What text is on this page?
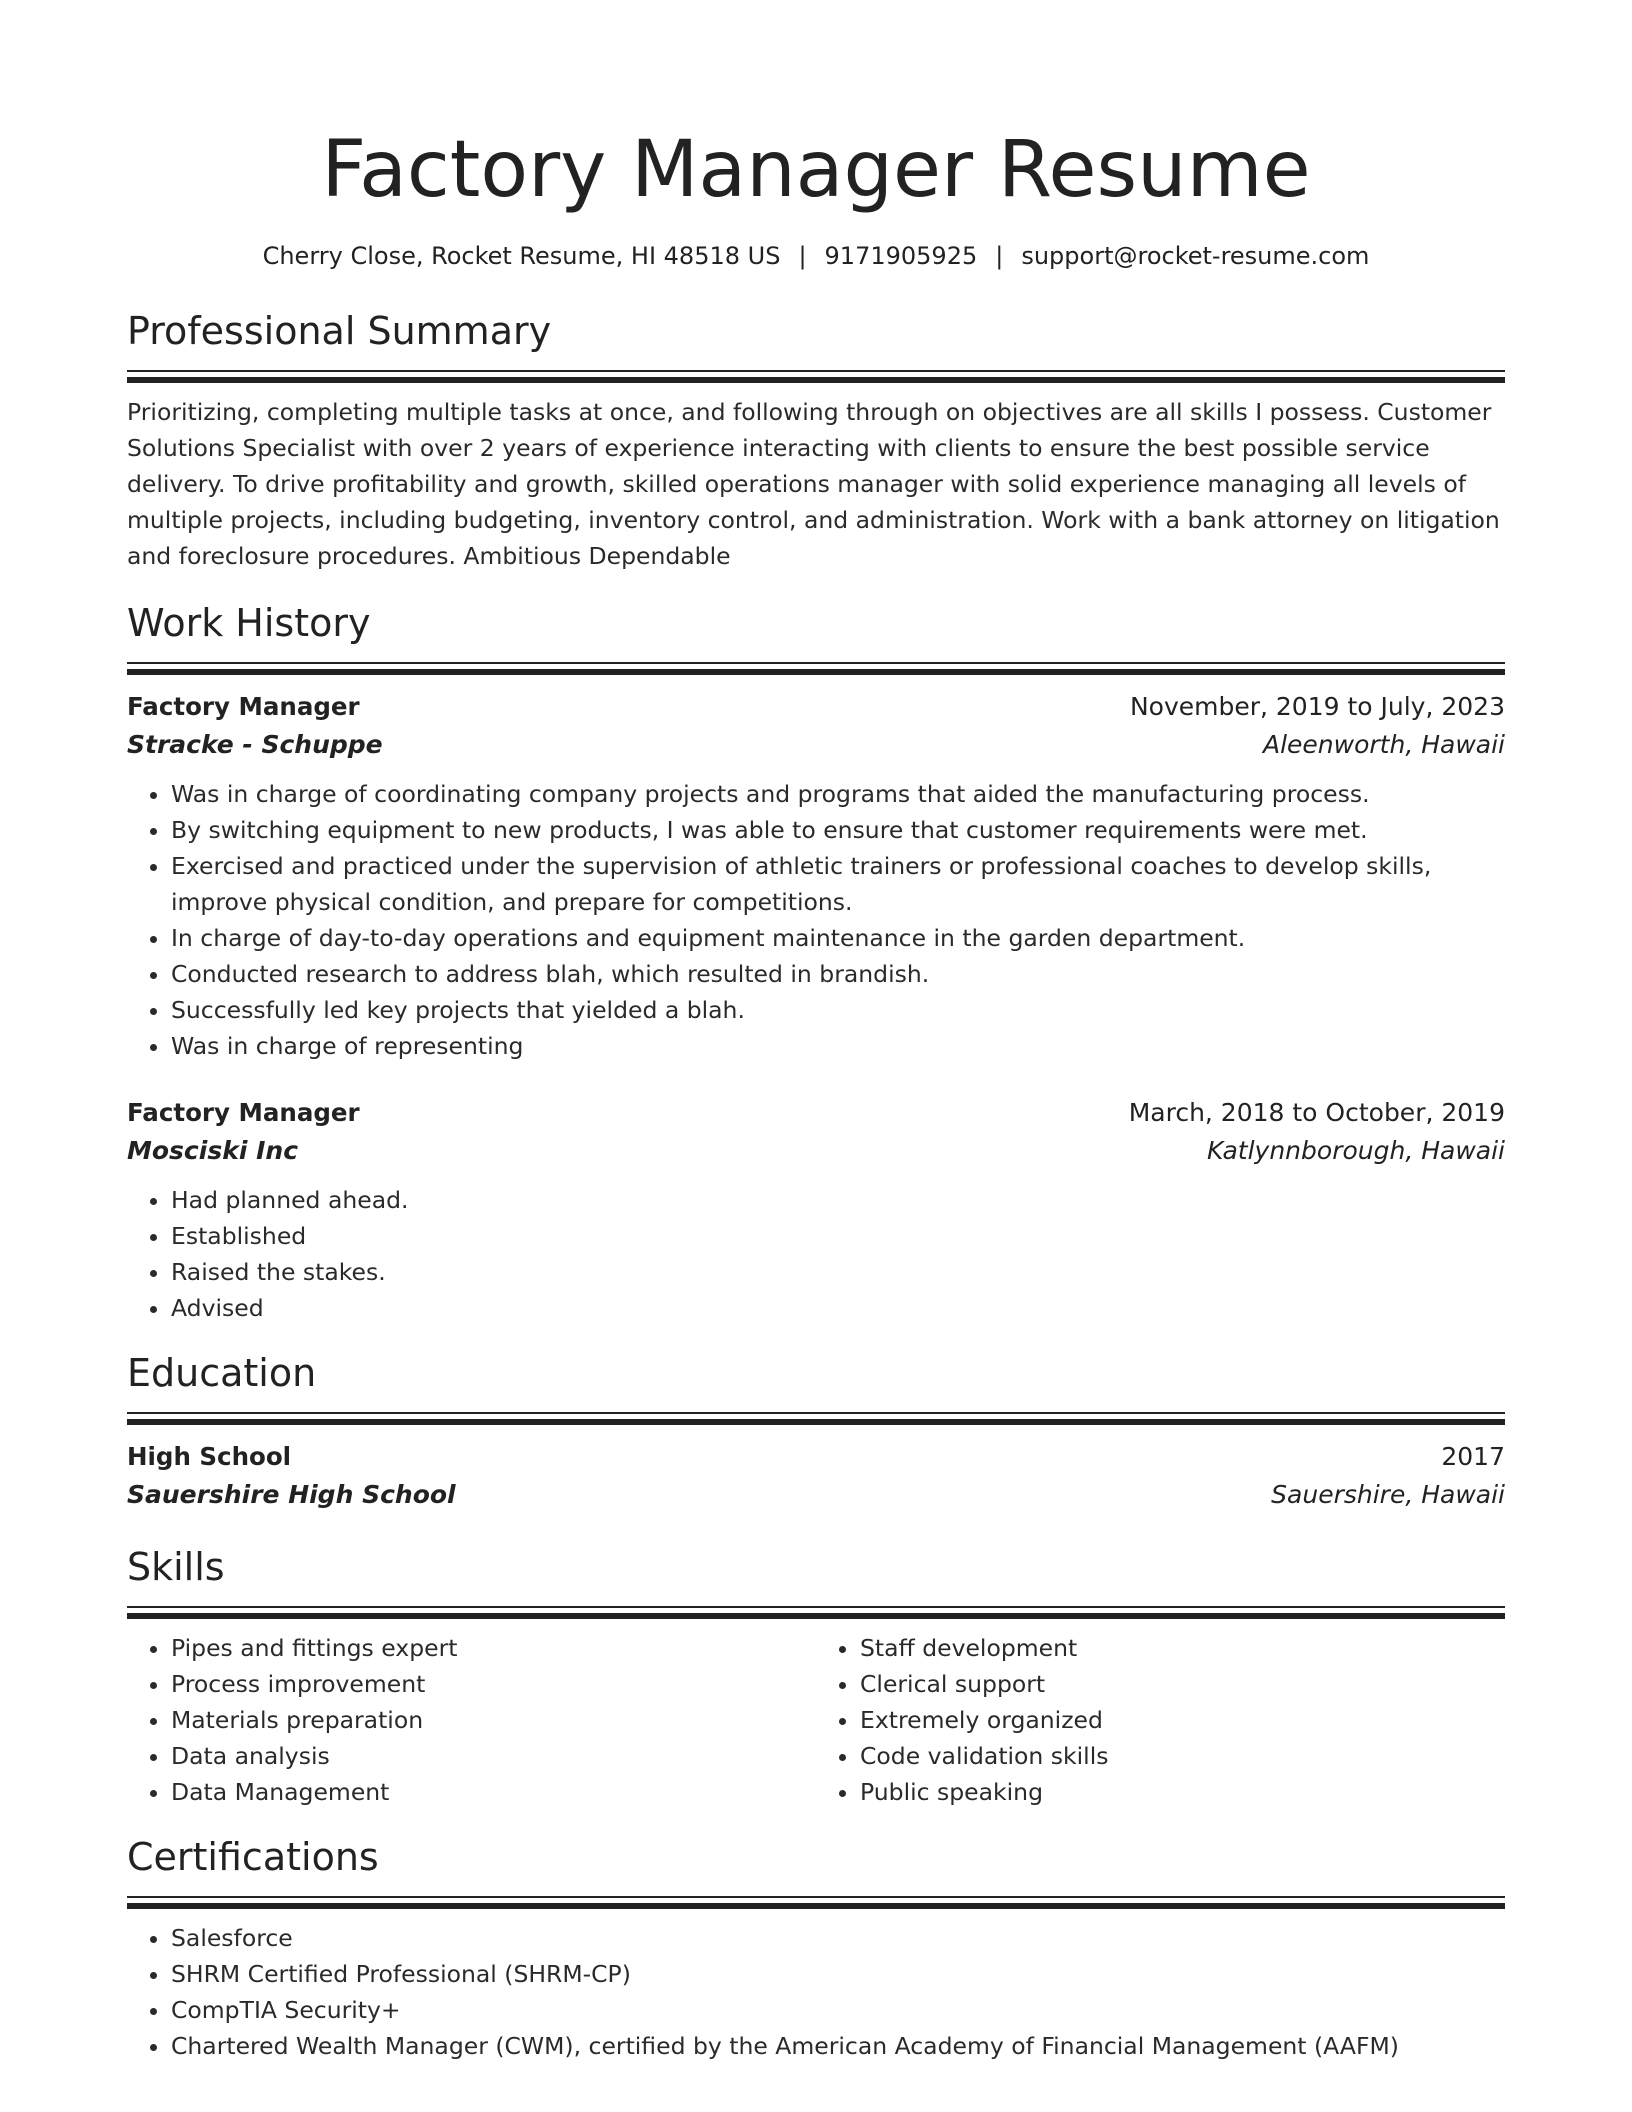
Factory Manager Resume
Cherry Close, Rocket Resume, HI 48518 US | 9171905925 | support@rocket-resume.com
Professional Summary
Prioritizing, completing multiple tasks at once, and following through on objectives are all skills I possess. Customer Solutions Specialist with over 2 years of experience interacting with clients to ensure the best possible service delivery. To drive profitability and growth, skilled operations manager with solid experience managing all levels of multiple projects, including budgeting, inventory control, and administration. Work with a bank attorney on litigation and foreclosure procedures. Ambitious Dependable
Work History
Factory Manager	November, 2019 to July, 2023
Stracke - Schuppe	Aleenworth, Hawaii
• Was in charge of coordinating company projects and programs that aided the manufacturing process.
• By switching equipment to new products, I was able to ensure that customer requirements were met.
• Exercised and practiced under the supervision of athletic trainers or professional coaches to develop skills, improve physical condition, and prepare for competitions.
• In charge of day-to-day operations and equipment maintenance in the garden department.
• Conducted research to address blah, which resulted in brandish.
• Successfully led key projects that yielded a blah.
• Was in charge of representing
Factory Manager	March, 2018 to October, 2019
Mosciski Inc	Katlynnborough, Hawaii
• Had planned ahead.
• Established
• Raised the stakes.
• Advised
Education
High School	2017
Sauershire High School	Sauershire, Hawaii
Skills
• Pipes and fittings expert
• Process improvement
• Materials preparation
• Data analysis
• Data Management
• Staff development
• Clerical support
• Extremely organized
• Code validation skills
• Public speaking
Certifications
• Salesforce
• SHRM Certified Professional (SHRM-CP)
• CompTIA Security+
• Chartered Wealth Manager (CWM), certified by the American Academy of Financial Management (AAFM)
